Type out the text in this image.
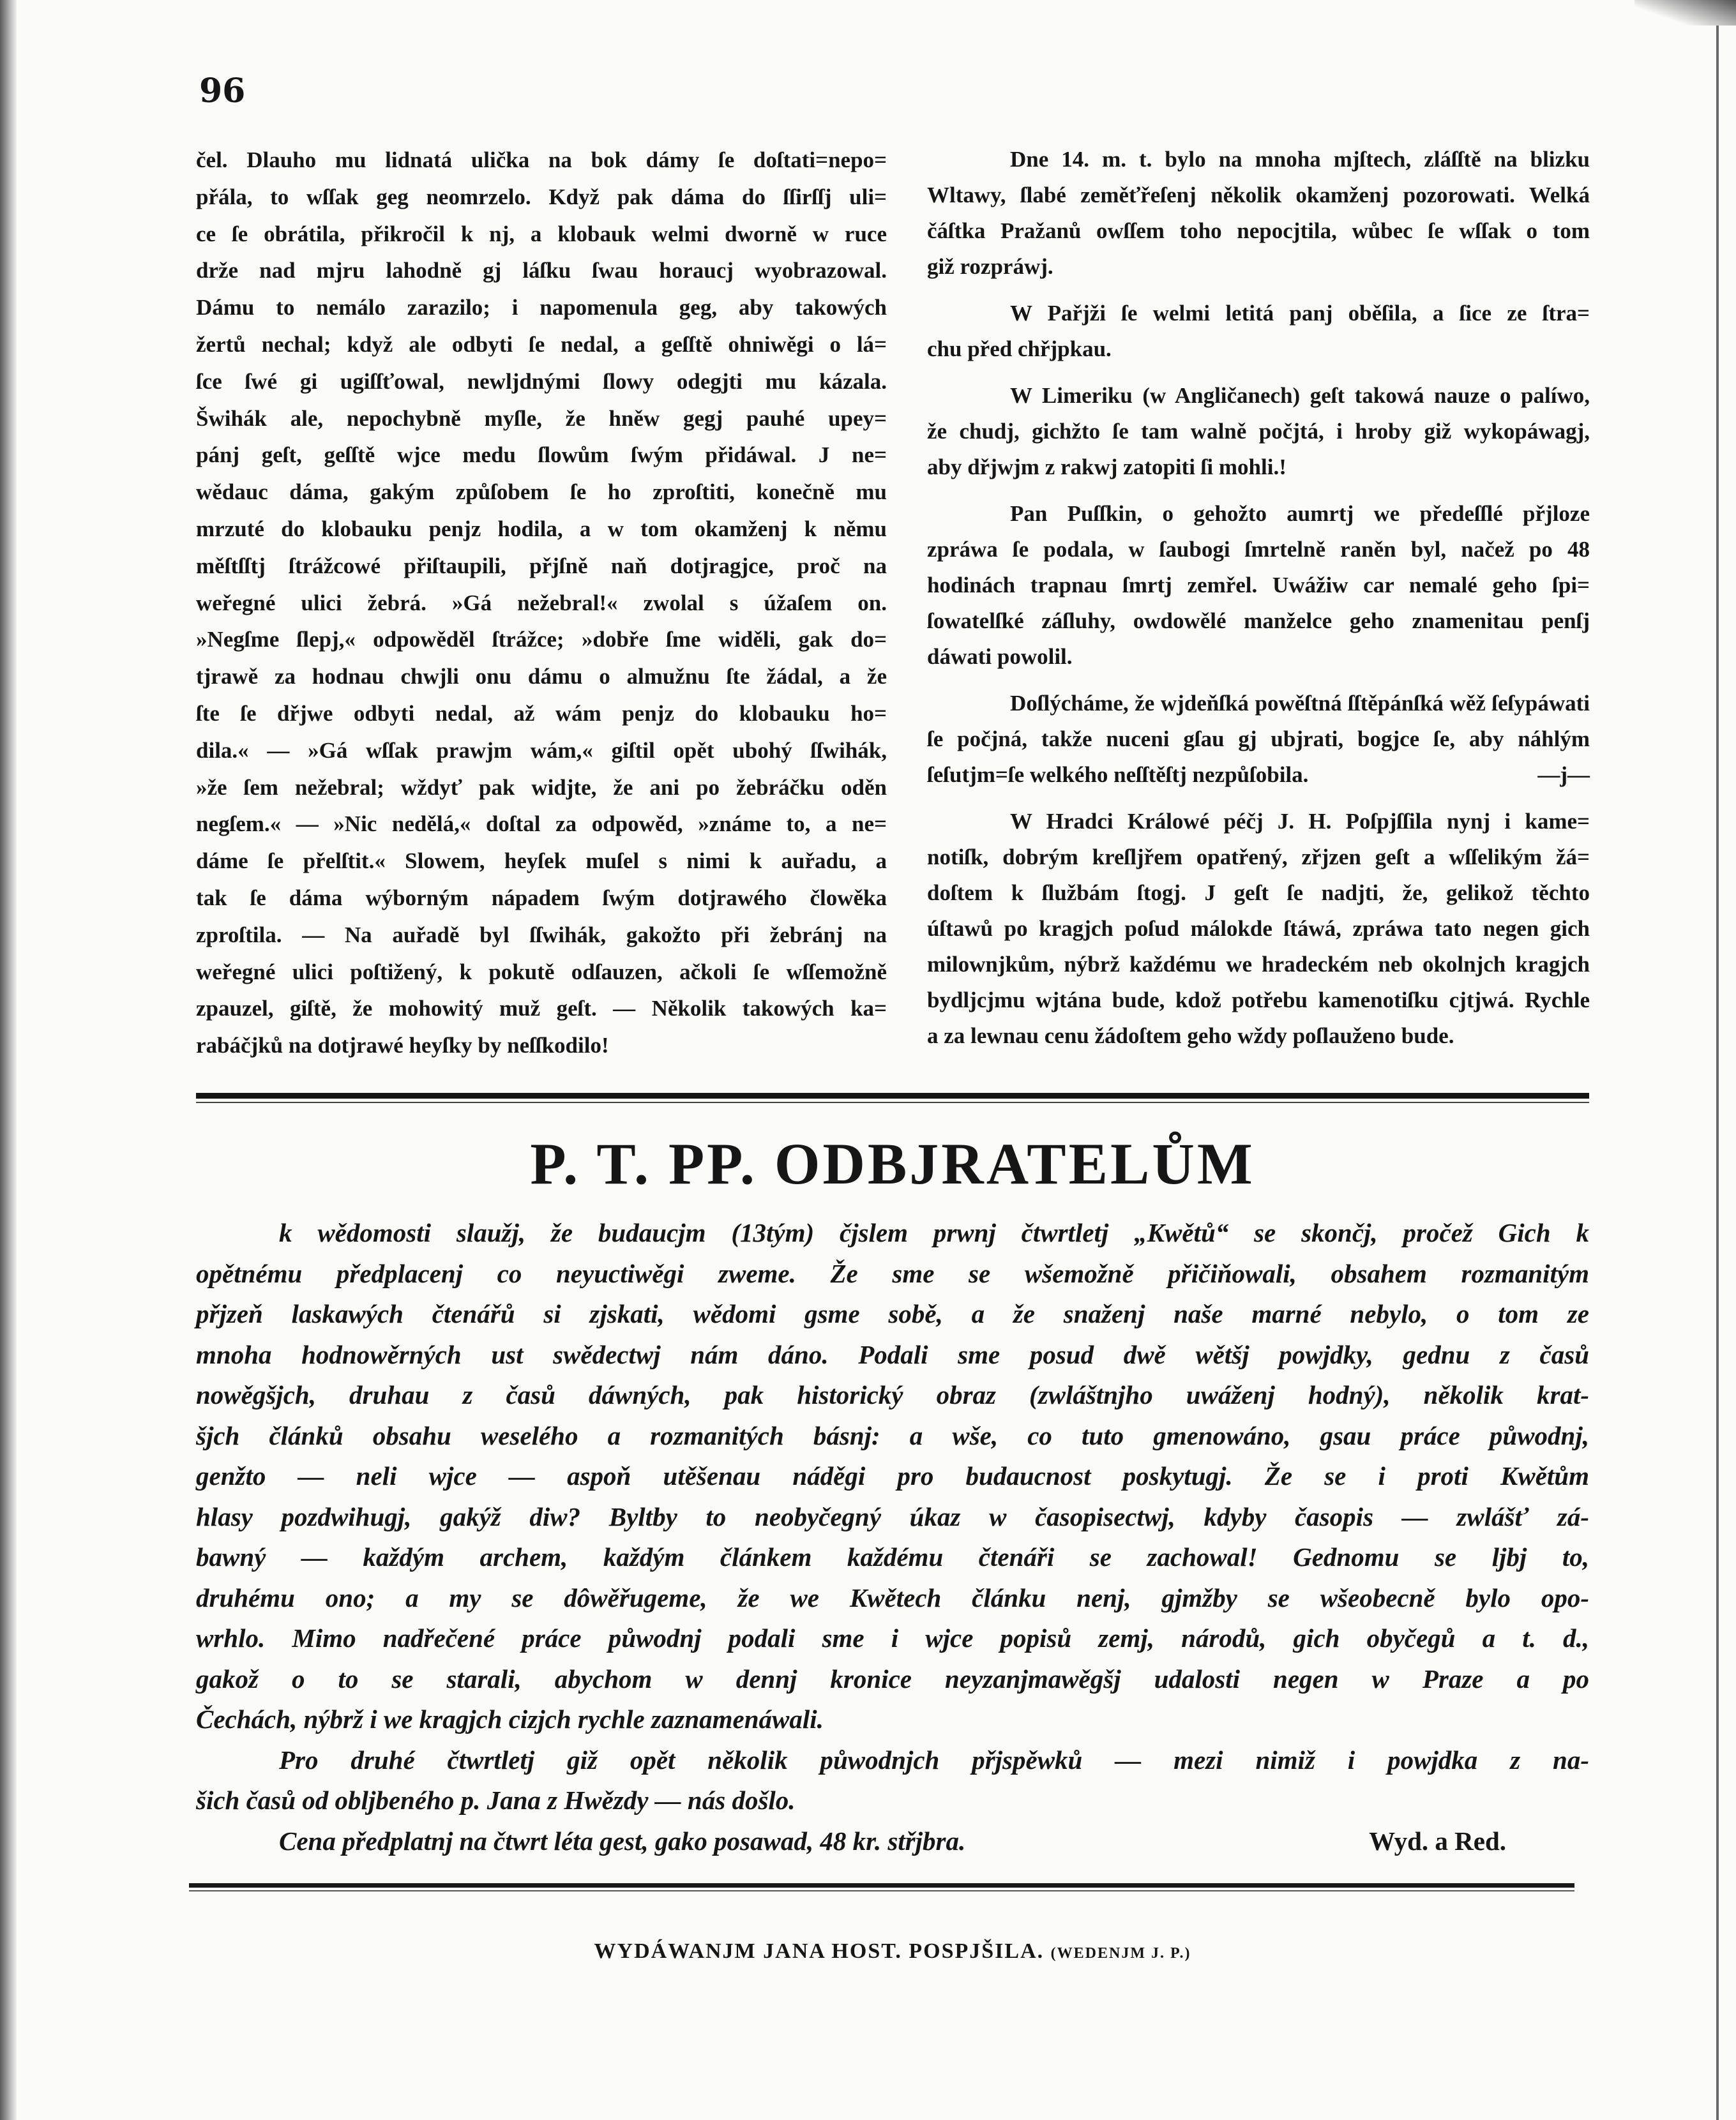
96
čel. Dlauho mu lidnatá ulička na bok dámy ſe doſtati=nepo=
přála, to wſſak geg neomrzelo. Když pak dáma do ſſirſſj uli=
ce ſe obrátila, přikročil k nj, a klobauk welmi dworně w ruce
drže nad mjru lahodně gj láſku ſwau horaucj wyobrazowal.
Dámu to nemálo zarazilo; i napomenula geg, aby takowých
žertů nechal; když ale odbyti ſe nedal, a geſſtě ohniwěgi o lá=
ſce ſwé gi ugiſſťowal, newljdnými ſlowy odegjti mu kázala.
Šwihák ale, nepochybně myſle, že hněw gegj pauhé upey=
pánj geſt, geſſtě wjce medu ſlowům ſwým přidáwal. J ne=
wědauc dáma, gakým způſobem ſe ho zproſtiti, konečně mu
mrzuté do klobauku penjz hodila, a w tom okamženj k němu
měſtſſtj ſtrážcowé přiſtaupili, přjſně naň dotjragjce, proč na
weřegné ulici žebrá. »Gá nežebral!« zwolal s úžaſem on.
»Negſme ſlepj,« odpowěděl ſtrážce; »dobře ſme widěli, gak do=
tjrawě za hodnau chwjli onu dámu o almužnu ſte žádal, a že
ſte ſe dřjwe odbyti nedal, až wám penjz do klobauku ho=
dila.« — »Gá wſſak prawjm wám,« giſtil opět ubohý ſſwihák,
»že ſem nežebral; wždyť pak widjte, že ani po žebráčku oděn
negſem.« — »Nic nedělá,« doſtal za odpowěd, »známe to, a ne=
dáme ſe přelſtit.« Slowem, heyſek muſel s nimi k auřadu, a
tak ſe dáma wýborným nápadem ſwým dotjrawého člowěka
zproſtila. — Na auřadě byl ſſwihák, gakožto při žebránj na
weřegné ulici poſtižený, k pokutě odſauzen, ačkoli ſe wſſemožně
zpauzel, giſtě, že mohowitý muž geſt. — Několik takowých ka=
rabáčjků na dotjrawé heyſky by neſſkodilo!
Dne 14. m. t. bylo na mnoha mjſtech, zláſſtě na blizku
Wltawy, ſlabé zeměťřeſenj několik okamženj pozorowati. Welká
čáſtka Pražanů owſſem toho nepocjtila, wůbec ſe wſſak o tom
giž rozpráwj.
W Pařjži ſe welmi letitá panj oběſila, a ſice ze ſtra=
chu před chřjpkau.
W Limeriku (w Angličanech) geſt takowá nauze o palíwo,
že chudj, gichžto ſe tam walně počjtá, i hroby giž wykopáwagj,
aby dřjwjm z rakwj zatopiti ſi mohli.!
Pan Puſſkin, o gehožto aumrtj we předeſſlé přjloze
zpráwa ſe podala, w ſaubogi ſmrtelně raněn byl, načež po 48
hodinách trapnau ſmrtj zemřel. Uwážiw car nemalé geho ſpi=
ſowatelſké záſluhy, owdowělé manželce geho znamenitau penſj
dáwati powolil.
Doſlýcháme, že wjdeňſká powěſtná ſſtěpánſká wěž ſeſypáwati
ſe počjná, takže nuceni gſau gj ubjrati, bogjce ſe, aby náhlým
ſeſutjm=ſe welkého neſſtěſtj nezpůſobila.	—j—
W Hradci Králowé péčj J. H. Poſpjſſila nynj i kame=
notiſk, dobrým kreſljřem opatřený, zřjzen geſt a wſſelikým žá=
doſtem k ſlužbám ſtogj. J geſt ſe nadjti, že, gelikož těchto
úſtawů po kragjch poſud málokde ſtáwá, zpráwa tato negen gich
milownjkům, nýbrž každému we hradeckém neb okolnjch kragjch
bydljcjmu wjtána bude, kdož potřebu kamenotiſku cjtjwá. Rychle
a za lewnau cenu žádoſtem geho wždy poſlauženo bude.
P. T. PP. ODBJRATELŮM
k wědomosti slaužj, že budaucjm (13tým) čjslem prwnj čtwrtletj „Kwětů“ se skončj, pročež Gich k
opětnému předplacenj co neyuctiwěgi zweme. Že sme se wšemožně přičiňowali, obsahem rozmanitým
přjzeň laskawých čtenářů si zjskati, wědomi gsme sobě, a že snaženj naše marné nebylo, o tom ze
mnoha hodnowěrných ust swědectwj nám dáno. Podali sme posud dwě wětšj powjdky, gednu z časů
nowěgšjch, druhau z časů dáwných, pak historický obraz (zwláštnjho uwáženj hodný), několik krat-
šjch článků obsahu weselého a rozmanitých básnj: a wše, co tuto gmenowáno, gsau práce půwodnj,
genžto — neli wjce — aspoň utěšenau náděgi pro budaucnost poskytugj. Že se i proti Kwětům
hlasy pozdwihugj, gakýž diw? Byltby to neobyčegný úkaz w časopisectwj, kdyby časopis — zwlášť zá-
bawný — každým archem, každým článkem každému čtenáři se zachowal! Gednomu se ljbj to,
druhému ono; a my se dôwěřugeme, že we Kwětech článku nenj, gjmžby se wšeobecně bylo opo-
wrhlo. Mimo nadřečené práce půwodnj podali sme i wjce popisů zemj, národů, gich obyčegů a t. d.,
gakož o to se starali, abychom w dennj kronice neyzanjmawěgšj udalosti negen w Praze a po
Čechách, nýbrž i we kragjch cizjch rychle zaznamenáwali.
Pro druhé čtwrtletj giž opět několik půwodnjch přjspěwků — mezi nimiž i powjdka z na-
šich časů od obljbeného p. Jana z Hwězdy — nás došlo.
Cena předplatnj na čtwrt léta gest, gako posawad, 48 kr. střjbra.	Wyd. a Red.
WYDÁWANJM JANA HOST. POSPJŠILA. (WEDENJM J. P.)
